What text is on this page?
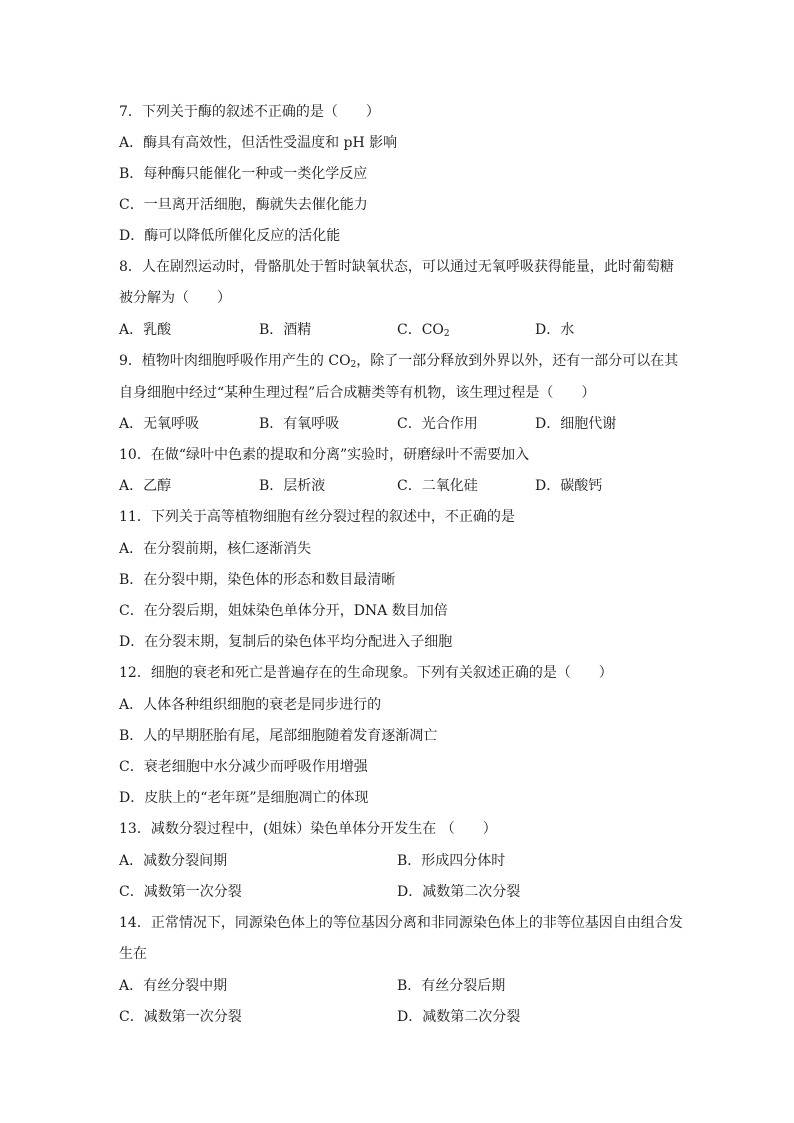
7．下列关于酶的叙述不正确的是（　　）
A．酶具有高效性，但活性受温度和 pH 影响
B．每种酶只能催化一种或一类化学反应
C．一旦离开活细胞，酶就失去催化能力
D．酶可以降低所催化反应的活化能
8．人在剧烈运动时，骨骼肌处于暂时缺氧状态，可以通过无氧呼吸获得能量，此时葡萄糖
被分解为（　　）
A．乳酸	B．酒精	C．$CO_2$	D．水
9．植物叶肉细胞呼吸作用产生的 $CO_2$，除了一部分释放到外界以外，还有一部分可以在其
自身细胞中经过“某种生理过程”后合成糖类等有机物，该生理过程是（　　）
A．无氧呼吸	B．有氧呼吸	C．光合作用	D．细胞代谢
10．在做“绿叶中色素的提取和分离”实验时，研磨绿叶不需要加入
A．乙醇	B．层析液	C．二氧化硅	D．碳酸钙
11．下列关于高等植物细胞有丝分裂过程的叙述中，不正确的是
A．在分裂前期，核仁逐渐消失
B．在分裂中期，染色体的形态和数目最清晰
C．在分裂后期，姐妹染色单体分开，DNA 数目加倍
D．在分裂末期，复制后的染色体平均分配进入子细胞
12．细胞的衰老和死亡是普遍存在的生命现象。下列有关叙述正确的是（　　）
A．人体各种组织细胞的衰老是同步进行的
B．人的早期胚胎有尾，尾部细胞随着发育逐渐凋亡
C．衰老细胞中水分减少而呼吸作用增强
D．皮肤上的“老年斑”是细胞凋亡的体现
13．减数分裂过程中，(姐妹）染色单体分开发生在 （　　）
A．减数分裂间期	B．形成四分体时
C．减数第一次分裂	D．减数第二次分裂
14．正常情况下，同源染色体上的等位基因分离和非同源染色体上的非等位基因自由组合发
生在
A．有丝分裂中期	B．有丝分裂后期
C．减数第一次分裂	D．减数第二次分裂
